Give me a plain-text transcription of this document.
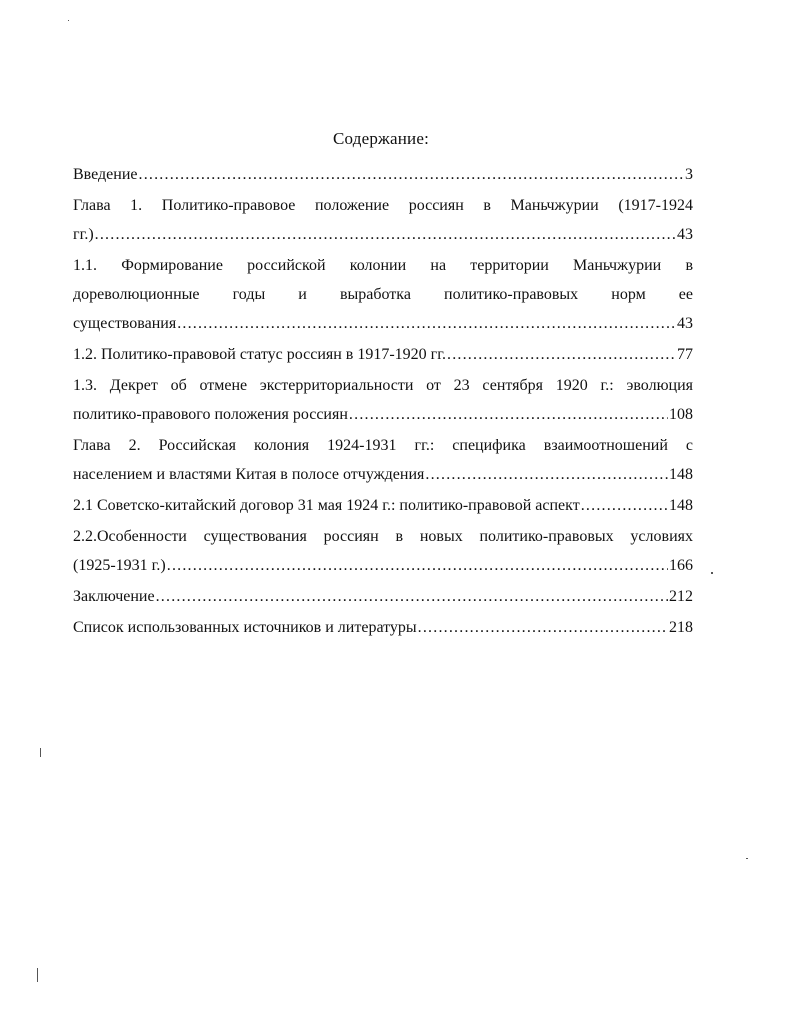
Содержание:
Введение .....	3
Глава 1. Политико-правовое положение россиян в Маньчжурии (1917-1924
гг.) .....	43
1.1. Формирование российской колонии на территории Маньчжурии в
дореволюционные годы и выработка политико-правовых норм ее
существования .....	43
1.2. Политико-правовой статус россиян в 1917-1920 гг. .....	77
1.3. Декрет об отмене экстерриториальности от 23 сентября 1920 г.: эволюция
политико-правового положения россиян .....	108
Глава 2. Российская колония 1924-1931 гг.: специфика взаимоотношений с
населением и властями Китая в полосе отчуждения .....	148
2.1 Советско-китайский договор 31 мая 1924 г.: политико-правовой аспект .....	148
2.2.Особенности существования россиян в новых политико-правовых условиях
(1925-1931 г.) .....	166
Заключение .....	212
Список использованных источников и литературы .....	218
